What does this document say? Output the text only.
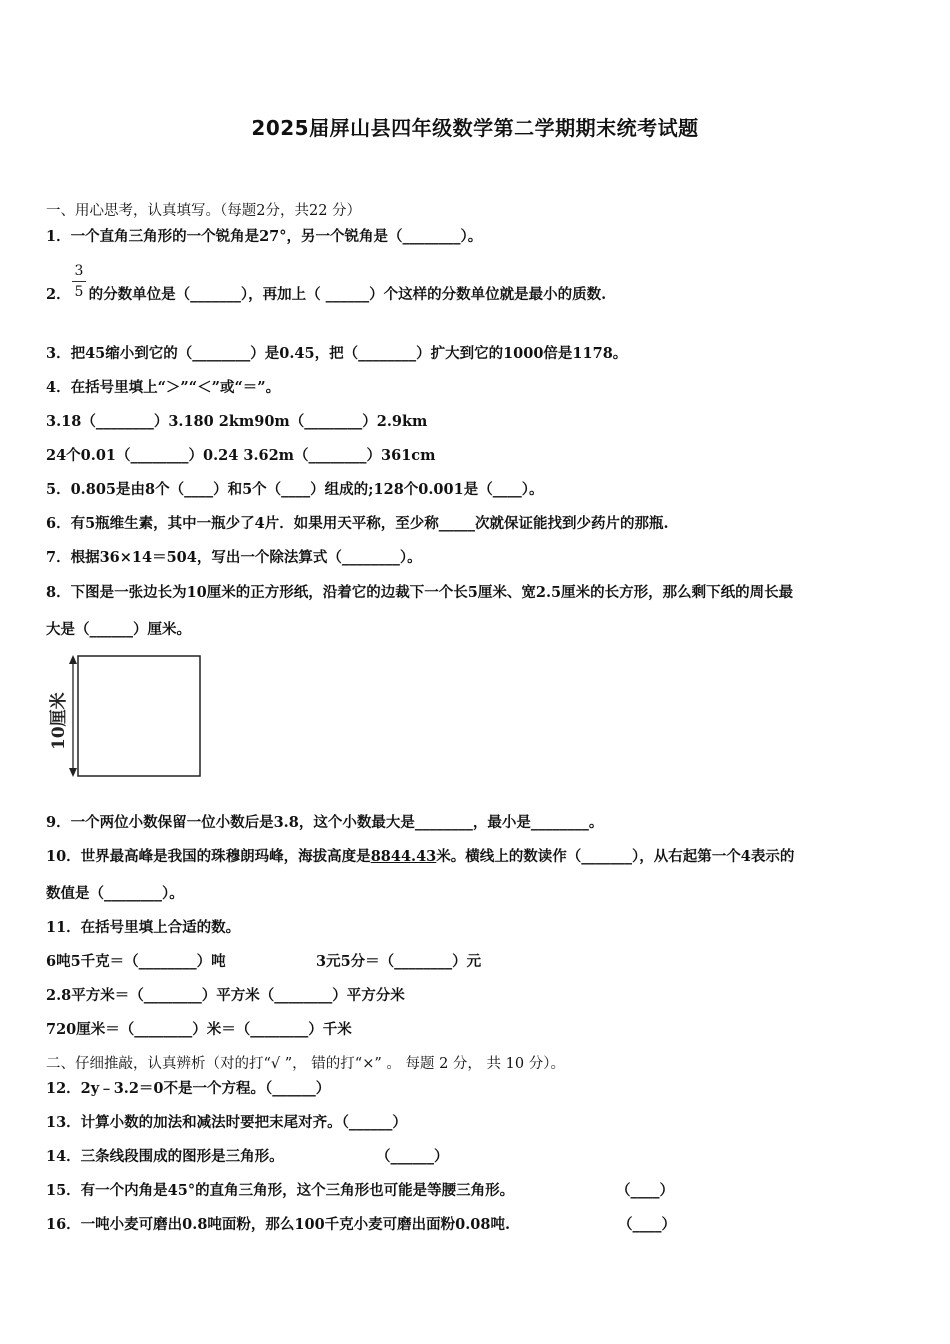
2025届屏山县四年级数学第二学期期末统考试题
一、用心思考，认真填写。（每题2分，共22 分）
1．一个直角三角形的一个锐角是27°，另一个锐角是（________）。
3
5
2． 的分数单位是（_______），再加上（ ______）个这样的分数单位就是最小的质数.
3．把45缩小到它的（________）是0.45，把（________）扩大到它的1000倍是1178。
4．在括号里填上“＞”“＜”或“＝”。
3.18（________）3.180 2km90m（________）2.9km
24个0.01（________）0.24 3.62m（________）361cm
5．0.805是由8个（____）和5个（____）组成的;128个0.001是（____）。
6．有5瓶维生素，其中一瓶少了4片．如果用天平称，至少称_____次就保证能找到少药片的那瓶.
7．根据36×14＝504，写出一个除法算式（________）。
8．下图是一张边长为10厘米的正方形纸，沿着它的边裁下一个长5厘米、宽2.5厘米的长方形，那么剩下纸的周长最
大是（______）厘米。
10厘米
9．一个两位小数保留一位小数后是3.8，这个小数最大是________，最小是________。
10．世界最高峰是我国的珠穆朗玛峰，海拔高度是8844.43米。横线上的数读作（_______），从右起第一个4表示的
数值是（________）。
11．在括号里填上合适的数。
6吨5千克＝（________）吨	3元5分＝（________）元
2.8平方米＝（________）平方米（________）平方分米
720厘米＝（________）米＝（________）千米
二、仔细推敲，认真辨析（对的打“√ ”， 错的打“×” 。 每题 2 分， 共 10 分）。
12．2y﹣3.2＝0不是一个方程。（______）
13．计算小数的加法和减法时要把末尾对齐。（______）
14．三条线段围成的图形是三角形。	（______）
15．有一个内角是45°的直角三角形，这个三角形也可能是等腰三角形。	（____）
16．一吨小麦可磨出0.8吨面粉，那么100千克小麦可磨出面粉0.08吨.	（____）
